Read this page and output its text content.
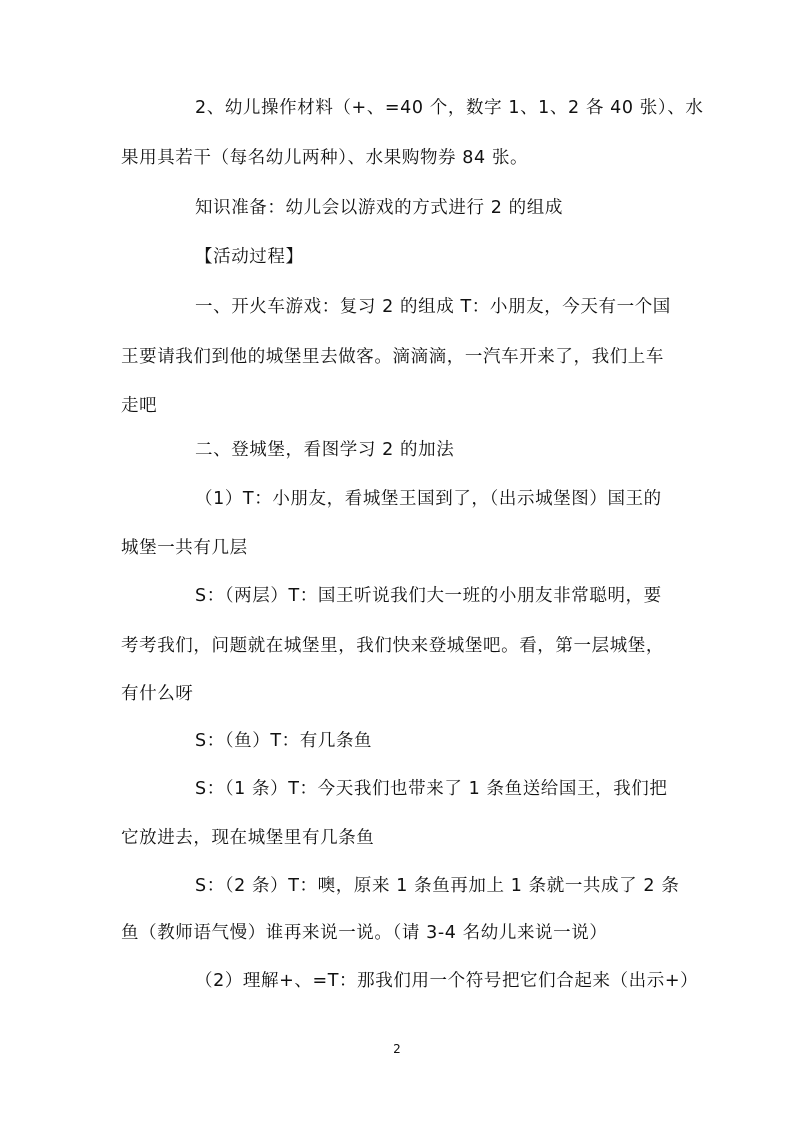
2、幼儿操作材料（+、=40 个，数字 1、1、2 各 40 张）、水
果用具若干（每名幼儿两种）、水果购物券 84 张。
知识准备：幼儿会以游戏的方式进行 2 的组成
【活动过程】
一、开火车游戏：复习 2 的组成 T：小朋友，今天有一个国
王要请我们到他的城堡里去做客。滴滴滴，一汽车开来了，我们上车
走吧
二、登城堡，看图学习 2 的加法
（1）T：小朋友，看城堡王国到了，（出示城堡图）国王的
城堡一共有几层
S：（两层）T：国王听说我们大一班的小朋友非常聪明，要
考考我们，问题就在城堡里，我们快来登城堡吧。看，第一层城堡，
有什么呀
S：（鱼）T：有几条鱼
S：（1 条）T：今天我们也带来了 1 条鱼送给国王，我们把
它放进去，现在城堡里有几条鱼
S：（2 条）T：噢，原来 1 条鱼再加上 1 条就一共成了 2 条
鱼（教师语气慢）谁再来说一说。（请 3-4 名幼儿来说一说）
（2）理解+、=T：那我们用一个符号把它们合起来（出示+）
2
